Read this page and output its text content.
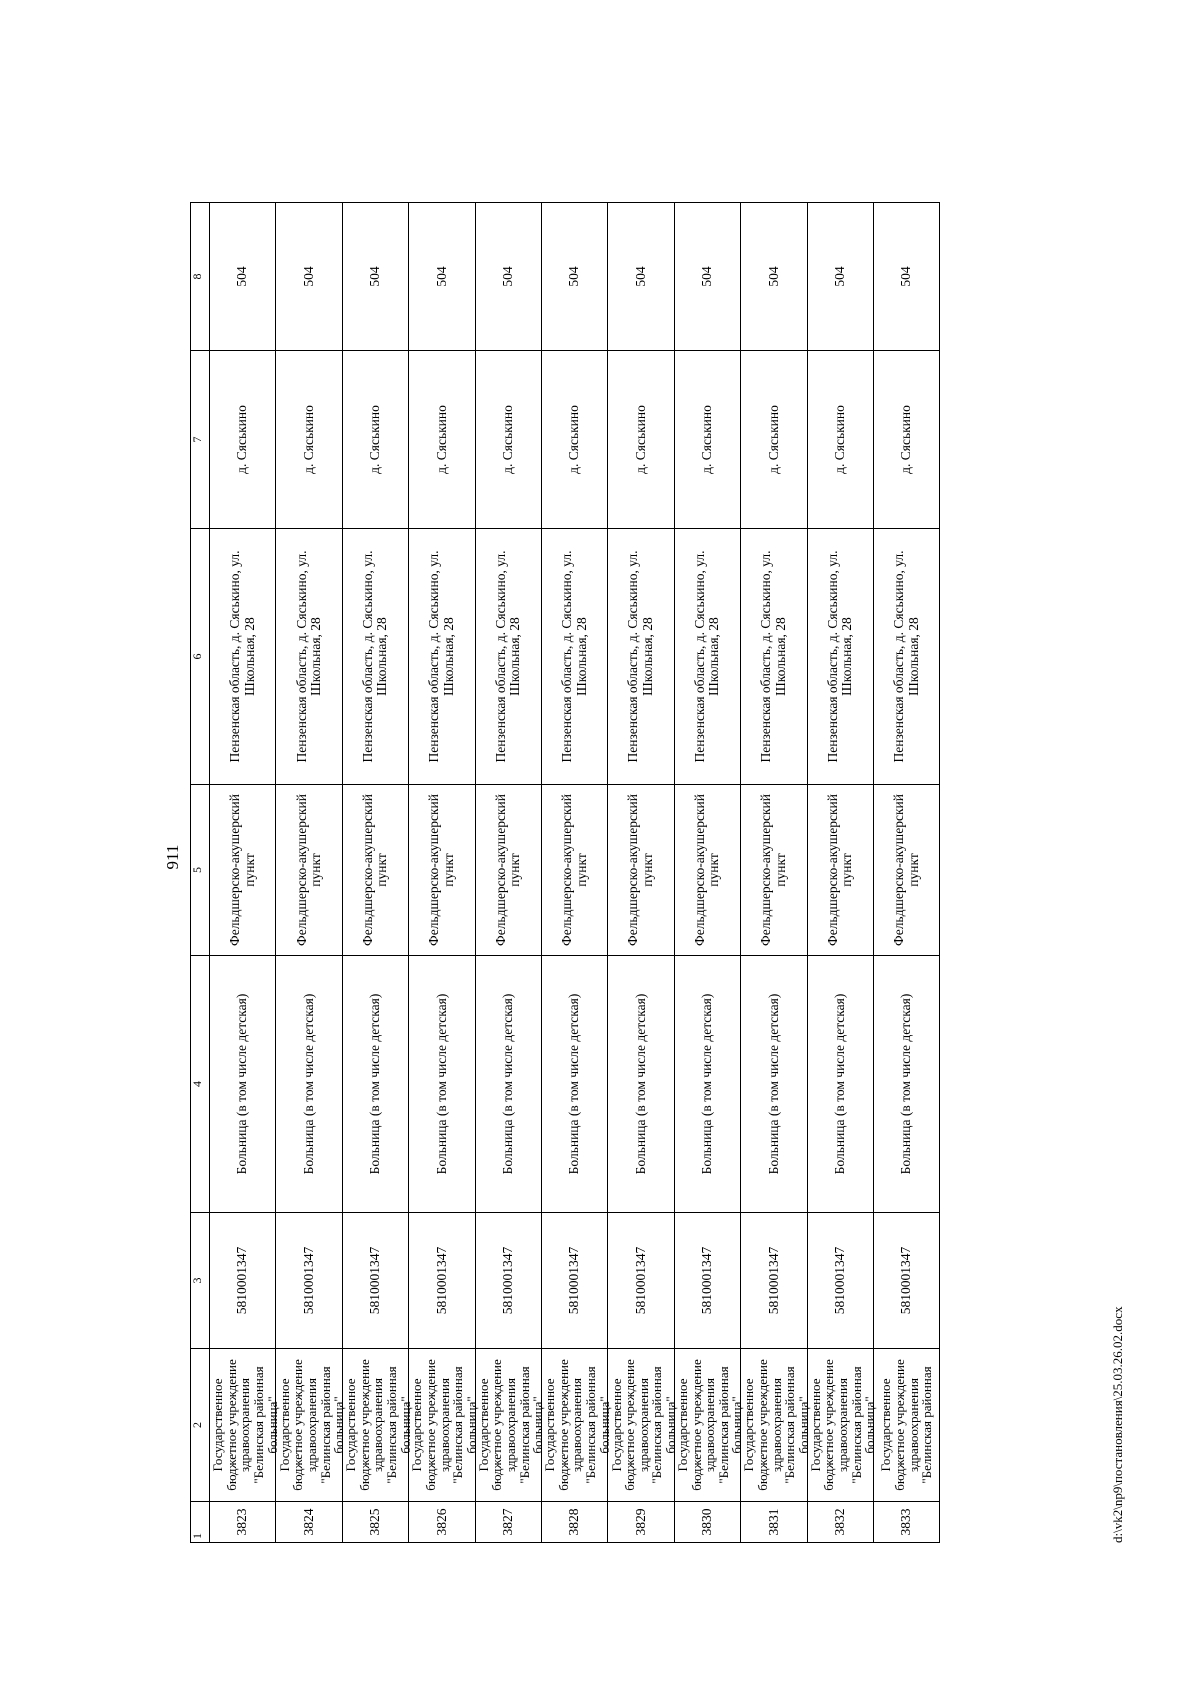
911
1	2	3	4	5	6	7	8
3823	Государственное бюджетное учреждение здравоохранения "Белинская районная больница"	5810001347	Больница (в том числе детская)	Фельдшерско-акушерский пункт	Пензенская область, д. Сяськино, ул. Школьная, 28	д. Сяськино	504
3824	Государственное бюджетное учреждение здравоохранения "Белинская районная больница"	5810001347	Больница (в том числе детская)	Фельдшерско-акушерский пункт	Пензенская область, д. Сяськино, ул. Школьная, 28	д. Сяськино	504
3825	Государственное бюджетное учреждение здравоохранения "Белинская районная больница"	5810001347	Больница (в том числе детская)	Фельдшерско-акушерский пункт	Пензенская область, д. Сяськино, ул. Школьная, 28	д. Сяськино	504
3826	Государственное бюджетное учреждение здравоохранения "Белинская районная больница"	5810001347	Больница (в том числе детская)	Фельдшерско-акушерский пункт	Пензенская область, д. Сяськино, ул. Школьная, 28	д. Сяськино	504
3827	Государственное бюджетное учреждение здравоохранения "Белинская районная больница"	5810001347	Больница (в том числе детская)	Фельдшерско-акушерский пункт	Пензенская область, д. Сяськино, ул. Школьная, 28	д. Сяськино	504
3828	Государственное бюджетное учреждение здравоохранения "Белинская районная больница"	5810001347	Больница (в том числе детская)	Фельдшерско-акушерский пункт	Пензенская область, д. Сяськино, ул. Школьная, 28	д. Сяськино	504
3829	Государственное бюджетное учреждение здравоохранения "Белинская районная больница"	5810001347	Больница (в том числе детская)	Фельдшерско-акушерский пункт	Пензенская область, д. Сяськино, ул. Школьная, 28	д. Сяськино	504
3830	Государственное бюджетное учреждение здравоохранения "Белинская районная больница"	5810001347	Больница (в том числе детская)	Фельдшерско-акушерский пункт	Пензенская область, д. Сяськино, ул. Школьная, 28	д. Сяськино	504
3831	Государственное бюджетное учреждение здравоохранения "Белинская районная больница"	5810001347	Больница (в том числе детская)	Фельдшерско-акушерский пункт	Пензенская область, д. Сяськино, ул. Школьная, 28	д. Сяськино	504
3832	Государственное бюджетное учреждение здравоохранения "Белинская районная больница"	5810001347	Больница (в том числе детская)	Фельдшерско-акушерский пункт	Пензенская область, д. Сяськино, ул. Школьная, 28	д. Сяськино	504
3833	Государственное бюджетное учреждение здравоохранения "Белинская районная	5810001347	Больница (в том числе детская)	Фельдшерско-акушерский пункт	Пензенская область, д. Сяськино, ул. Школьная, 28	д. Сяськино	504
d:\vk2\np9\постановления\25.03.26.02.docx
